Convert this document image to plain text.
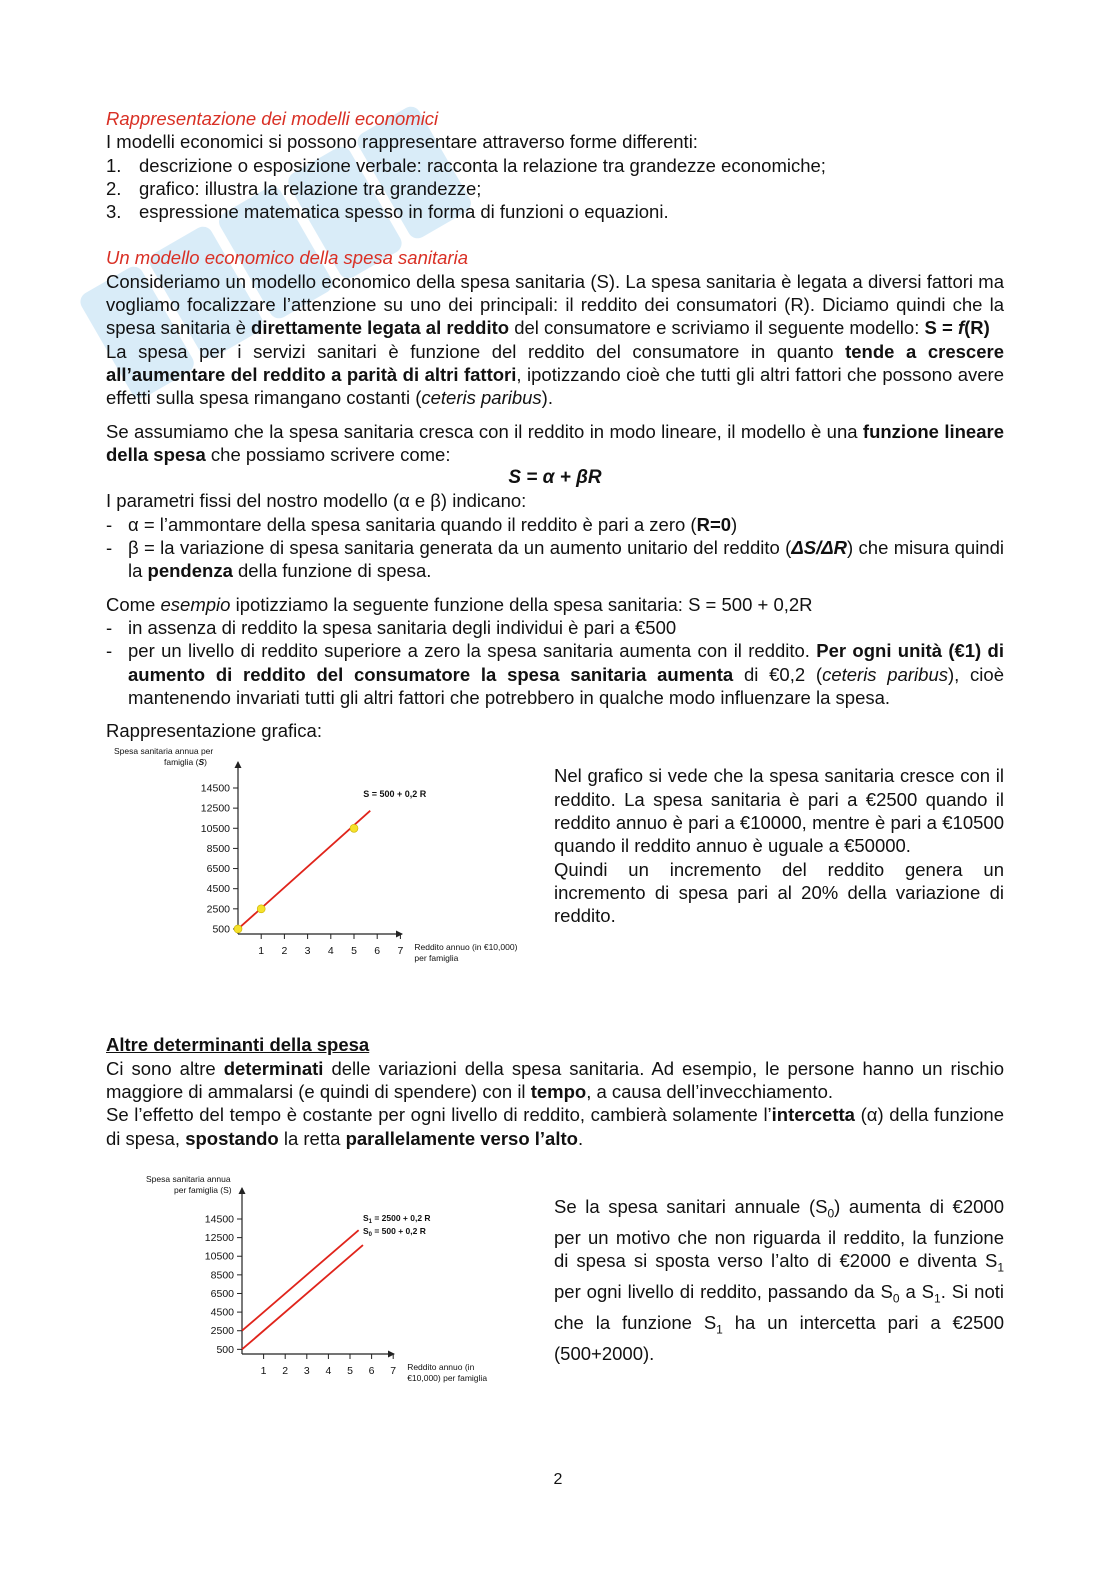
Rappresentazione dei modelli economici

I modelli economici si possono rappresentare attraverso forme differenti:

1. descrizione o esposizione verbale: racconta la relazione tra grandezze economiche;
2. grafico: illustra la relazione tra grandezze;
3. espressione matematica spesso in forma di funzioni o equazioni.

Un modello economico della spesa sanitaria

Consideriamo un modello economico della spesa sanitaria (S). La spesa sanitaria è legata a diversi fattori ma vogliamo focalizzare l’attenzione su uno dei principali: il reddito dei consumatori (R). Diciamo quindi che la spesa sanitaria è direttamente legata al reddito del consumatore e scriviamo il seguente modello: S = f(R)

La spesa per i servizi sanitari è funzione del reddito del consumatore in quanto tende a crescere all’aumentare del reddito a parità di altri fattori, ipotizzando cioè che tutti gli altri fattori che possono avere effetti sulla spesa rimangano costanti (ceteris paribus).

Se assumiamo che la spesa sanitaria cresca con il reddito in modo lineare, il modello è una funzione lineare della spesa che possiamo scrivere come:

S = α + βR

I parametri fissi del nostro modello (α e β) indicano:

- α = l’ammontare della spesa sanitaria quando il reddito è pari a zero (R=0)
- β = la variazione di spesa sanitaria generata da un aumento unitario del reddito (ΔS/ΔR) che misura quindi la pendenza della funzione di spesa.

Come esempio ipotizziamo la seguente funzione della spesa sanitaria: S = 500 + 0,2R

- in assenza di reddito la spesa sanitaria degli individui è pari a €500
- per un livello di reddito superiore a zero la spesa sanitaria aumenta con il reddito. Per ogni unità (€1) di aumento di reddito del consumatore la spesa sanitaria aumenta di €0,2 (ceteris paribus), cioè mantenendo invariati tutti gli altri fattori che potrebbero in qualche modo influenzare la spesa.

Rappresentazione grafica:

Spesa sanitaria annua per
famiglia (S)
14500
12500
10500
8500
6500
4500
2500
500
1 2 3 4 5 6 7 Reddito annuo (in €10,000)
per famiglia
S = 500 + 0,2 R

Nel grafico si vede che la spesa sanitaria cresce con il reddito. La spesa sanitaria è pari a €2500 quando il reddito annuo è pari a €10000, mentre è pari a €10500 quando il reddito annuo è uguale a €50000.

Quindi un incremento del reddito genera un incremento di spesa pari al 20% della variazione di reddito.

Altre determinanti della spesa

Ci sono altre determinati delle variazioni della spesa sanitaria. Ad esempio, le persone hanno un rischio maggiore di ammalarsi (e quindi di spendere) con il tempo, a causa dell’invecchiamento.

Se l’effetto del tempo è costante per ogni livello di reddito, cambierà solamente l’intercetta (α) della funzione di spesa, spostando la retta parallelamente verso l’alto.

Spesa sanitaria annua
per famiglia (S)
14500
12500
10500
8500
6500
4500
2500
500
1 2 3 4 5 6 7 Reddito annuo (in
€10,000) per famiglia
$S_1 = 2500 + 0,2$ R
$S_0 = 500 + 0,2$ R

Se la spesa sanitari annuale $(S_0)$ aumenta di €2000 per un motivo che non riguarda il reddito, la funzione di spesa si sposta verso l’alto di €2000 e diventa $S_1$ per ogni livello di reddito, passando da $S_0$ a $S_1$. Si noti che la funzione $S_1$ ha un intercetta pari a €2500 (500+2000).

2
